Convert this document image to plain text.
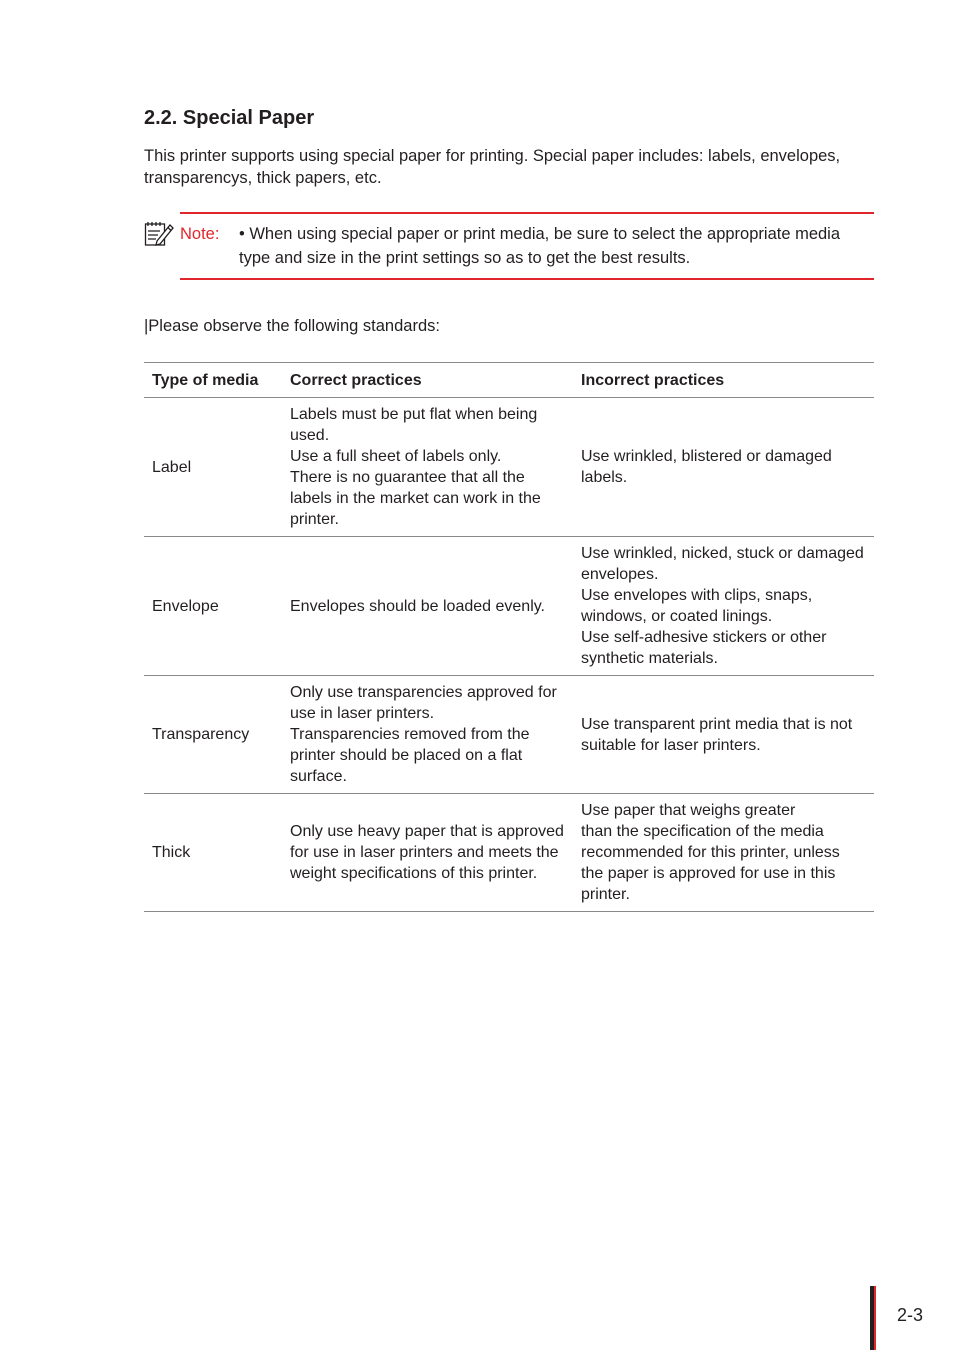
2.2. Special Paper

This printer supports using special paper for printing. Special paper includes: labels, envelopes, transparencys, thick papers, etc.

Note: • When using special paper or print media, be sure to select the appropriate media type and size in the print settings so as to get the best results.

|Please observe the following standards:

Type of media	Correct practices	Incorrect practices
Label	Labels must be put flat when being used.
Use a full sheet of labels only.
There is no guarantee that all the labels in the market can work in the printer.	Use wrinkled, blistered or damaged labels.

Envelope	Envelopes should be loaded evenly.	Use wrinkled, nicked, stuck or damaged envelopes.
Use envelopes with clips, snaps, windows, or coated linings.
Use self-adhesive stickers or other synthetic materials.

Transparency	Only use transparencies approved for use in laser printers.
Transparencies removed from the printer should be placed on a flat surface.	Use transparent print media that is not suitable for laser printers.

Thick	Only use heavy paper that is approved for use in laser printers and meets the weight specifications of this printer.	Use paper that weighs greater
than the specification of the media recommended for this printer, unless the paper is approved for use in this printer.
2-3
